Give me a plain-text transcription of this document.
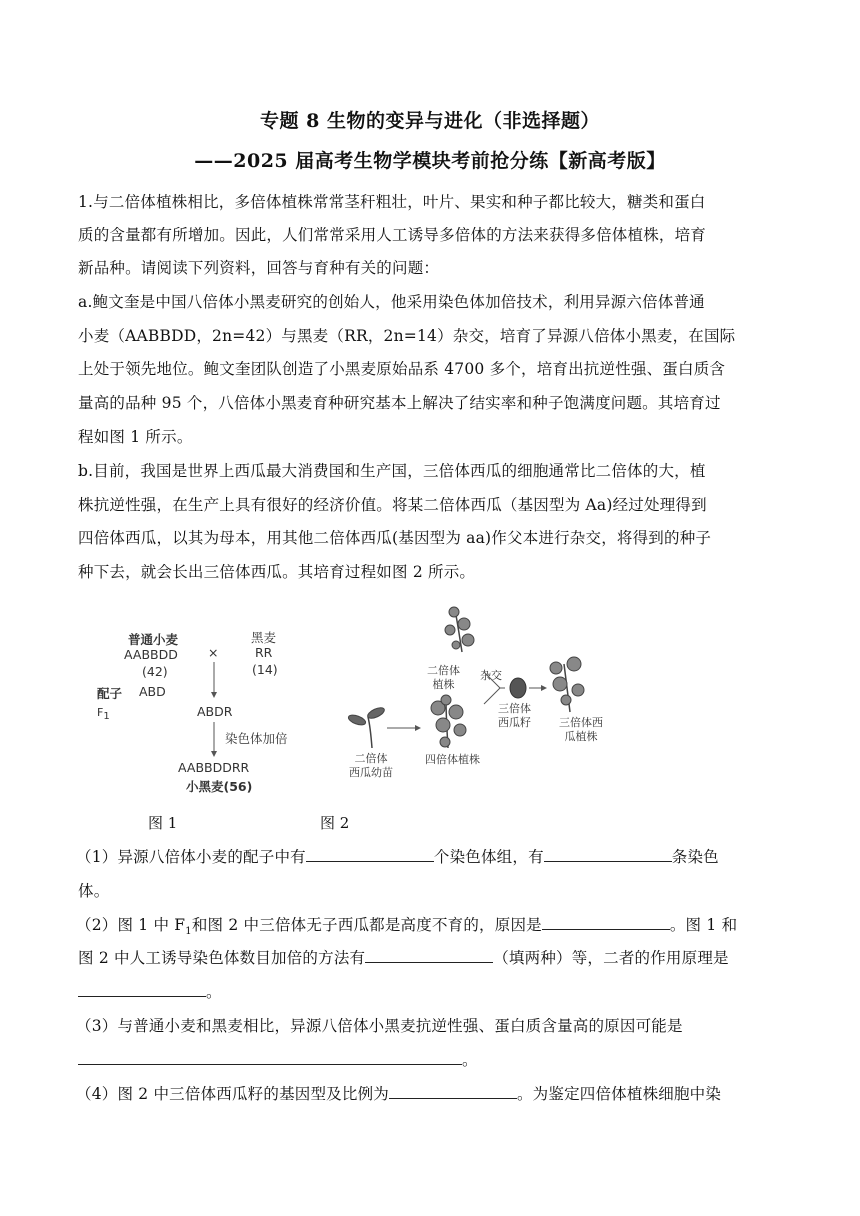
专题 8 生物的变异与进化（非选择题）
——2025 届高考生物学模块考前抢分练【新高考版】
1.与二倍体植株相比，多倍体植株常常茎秆粗壮，叶片、果实和种子都比较大，糖类和蛋白
质的含量都有所增加。因此，人们常常采用人工诱导多倍体的方法来获得多倍体植株，培育
新品种。请阅读下列资料，回答与育种有关的问题：
a.鲍文奎是中国八倍体小黑麦研究的创始人，他采用染色体加倍技术，利用异源六倍体普通
小麦（AABBDD，2n=42）与黑麦（RR，2n=14）杂交，培育了异源八倍体小黑麦，在国际
上处于领先地位。鲍文奎团队创造了小黑麦原始品系 4700 多个，培育出抗逆性强、蛋白质含
量高的品种 95 个，八倍体小黑麦育种研究基本上解决了结实率和种子饱满度问题。其培育过
程如图 1 所示。
b.目前，我国是世界上西瓜最大消费国和生产国，三倍体西瓜的细胞通常比二倍体的大，植
株抗逆性强，在生产上具有很好的经济价值。将某二倍体西瓜（基因型为 Aa)经过处理得到
四倍体西瓜，以其为母本，用其他二倍体西瓜(基因型为 aa)作父本进行杂交，将得到的种子
种下去，就会长出三倍体西瓜。其培育过程如图 2 所示。
普通小麦
AABBDD
(42)
×
黑麦
RR
(14)
配子 ABD
F1	ABDR
染色体加倍
AABBDDRR
小黑麦(56)
二倍体
西瓜幼苗
二倍体
植株
杂交
四倍体植株
三倍体
西瓜籽	三倍体西
瓜植株
图 1	图 2
（1）异源八倍体小麦的配子中有	个染色体组，有	条染色
体。
（2）图 1 中 $F_1$和图 2 中三倍体无子西瓜都是高度不育的，原因是	。图 1 和
图 2 中人工诱导染色体数目加倍的方法有	（填两种）等，二者的作用原理是
。
（3）与普通小麦和黑麦相比，异源八倍体小黑麦抗逆性强、蛋白质含量高的原因可能是
。
（4）图 2 中三倍体西瓜籽的基因型及比例为	。为鉴定四倍体植株细胞中染
